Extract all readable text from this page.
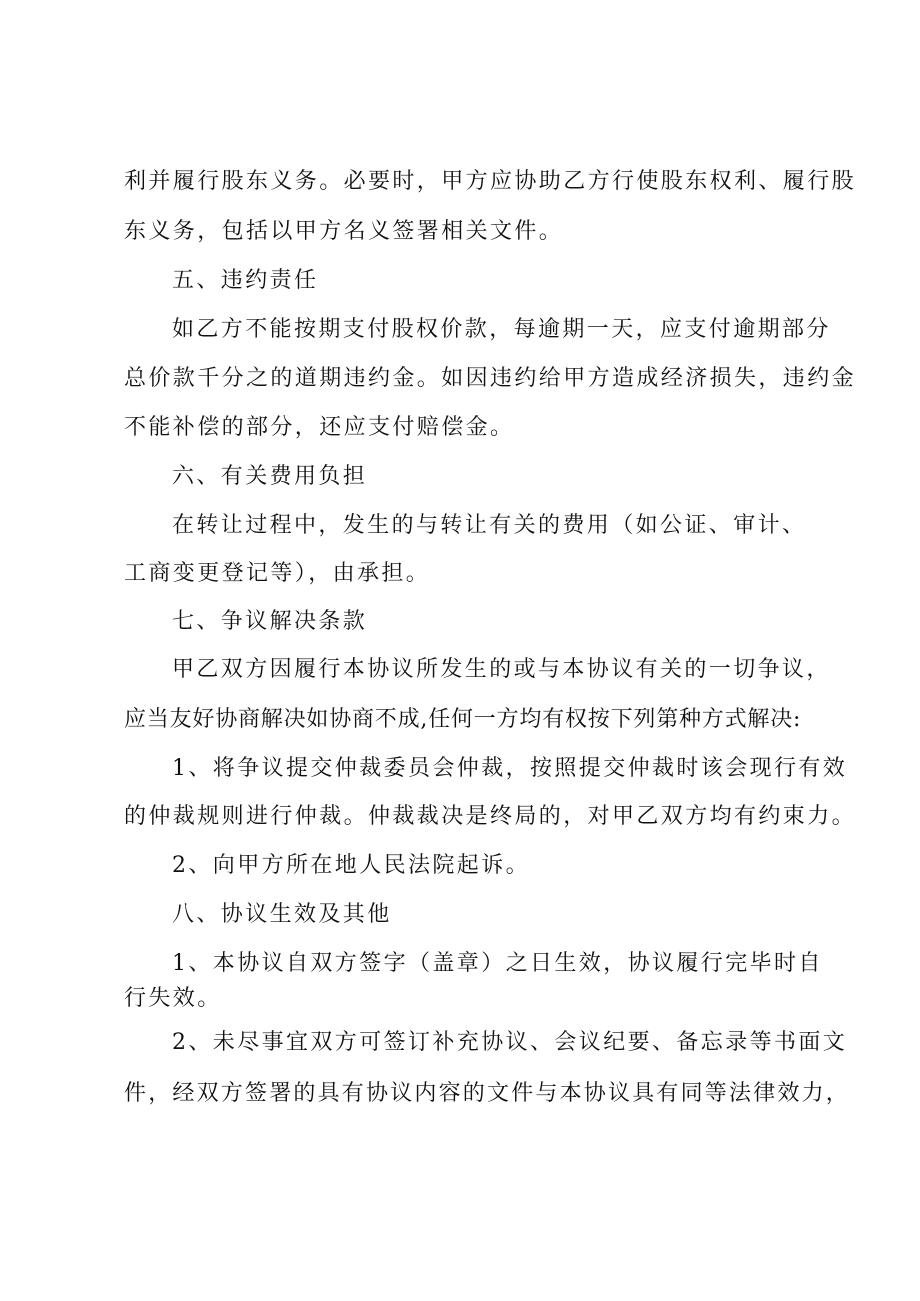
利并履行股东义务。必要时，甲方应协助乙方行使股东权利、履行股
东义务，包括以甲方名义签署相关文件。
五、违约责任
如乙方不能按期支付股权价款，每逾期一天，应支付逾期部分
总价款千分之的道期违约金。如因违约给甲方造成经济损失，违约金
不能补偿的部分，还应支付赔偿金。
六、有关费用负担
在转让过程中，发生的与转让有关的费用（如公证、审计、
工商变更登记等），由承担。
七、争议解决条款
甲乙双方因履行本协议所发生的或与本协议有关的一切争议，
应当友好协商解决如协商不成,任何一方均有权按下列第种方式解决:
1、将争议提交仲裁委员会仲裁，按照提交仲裁时该会现行有效
的仲裁规则进行仲裁。仲裁裁决是终局的，对甲乙双方均有约束力。
2、向甲方所在地人民法院起诉。
八、协议生效及其他
1、本协议自双方签字（盖章）之日生效，协议履行完毕时自
行失效。
2、未尽事宜双方可签订补充协议、会议纪要、备忘录等书面文
件，经双方签署的具有协议内容的文件与本协议具有同等法律效力，
